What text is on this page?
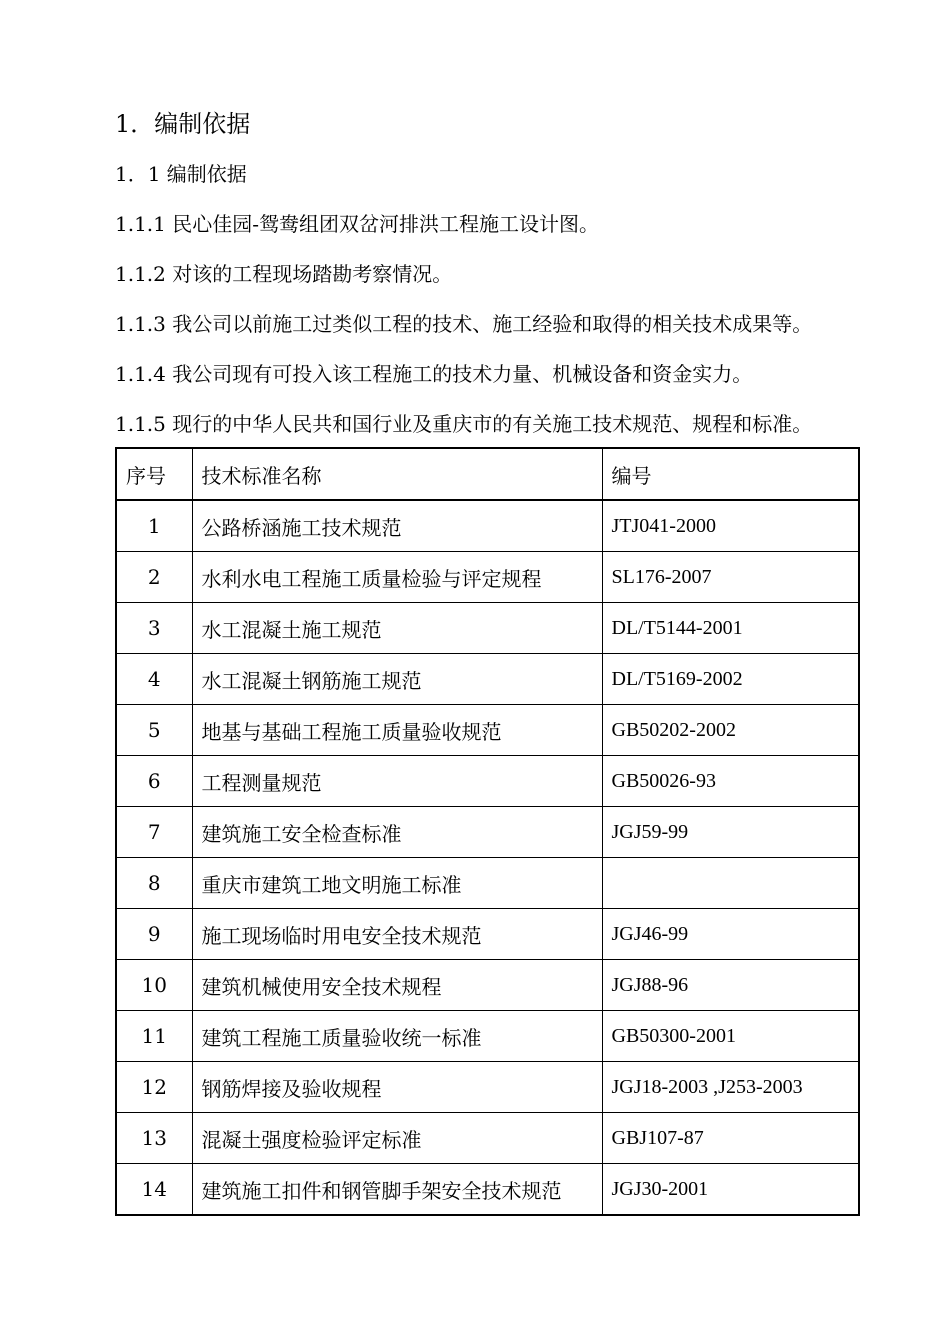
1．编制依据
1．1 编制依据
1.1.1 民心佳园-鸳鸯组团双岔河排洪工程施工设计图。
1.1.2 对该的工程现场踏勘考察情况。
1.1.3 我公司以前施工过类似工程的技术、施工经验和取得的相关技术成果等。
1.1.4 我公司现有可投入该工程施工的技术力量、机械设备和资金实力。
1.1.5 现行的中华人民共和国行业及重庆市的有关施工技术规范、规程和标准。
序号	技术标准名称	编号
1	公路桥涵施工技术规范	JTJ041-2000
2	水利水电工程施工质量检验与评定规程	SL176-2007
3	水工混凝土施工规范	DL/T5144-2001
4	水工混凝土钢筋施工规范	DL/T5169-2002
5	地基与基础工程施工质量验收规范	GB50202-2002
6	工程测量规范	GB50026-93
7	建筑施工安全检查标准	JGJ59-99
8	重庆市建筑工地文明施工标准	
9	施工现场临时用电安全技术规范	JGJ46-99
10	建筑机械使用安全技术规程	JGJ88-96
11	建筑工程施工质量验收统一标准	GB50300-2001
12	钢筋焊接及验收规程	JGJ18-2003 ,J253-2003
13	混凝土强度检验评定标准	GBJ107-87
14	建筑施工扣件和钢管脚手架安全技术规范	JGJ30-2001
